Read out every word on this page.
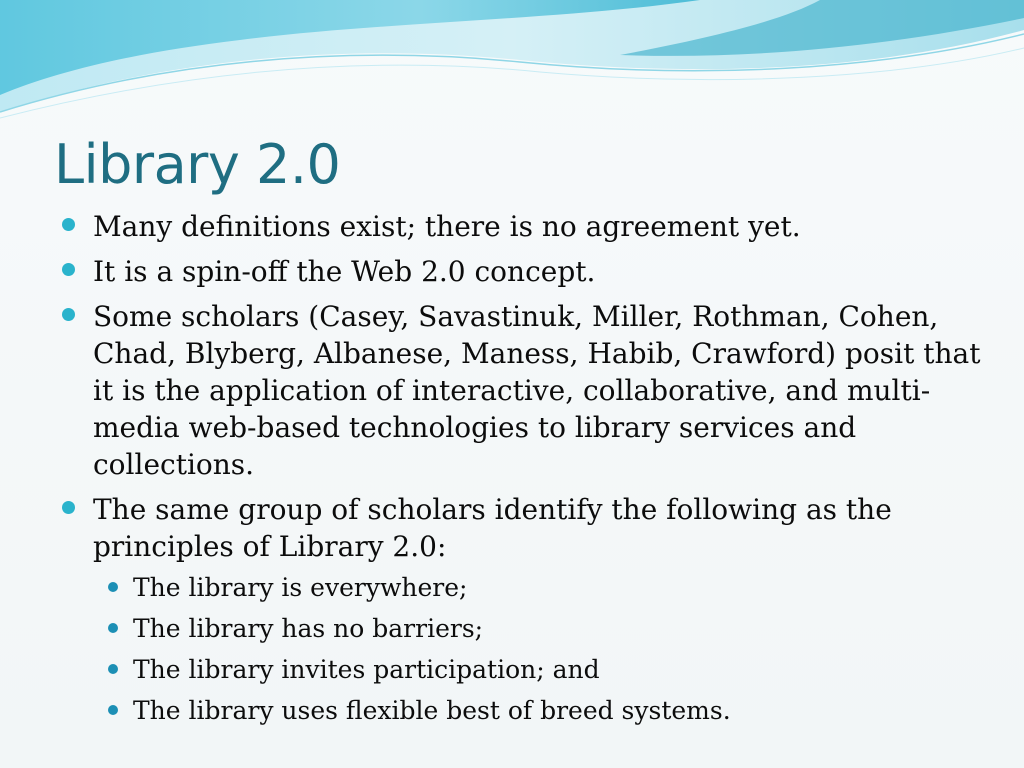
Library 2.0
Many definitions exist; there is no agreement yet.
It is a spin-off the Web 2.0 concept.
Some scholars (Casey, Savastinuk, Miller, Rothman, Cohen, Chad, Blyberg, Albanese, Maness, Habib, Crawford) posit that it is the application of interactive, collaborative, and multi-media web-based technologies to library services and collections.
The same group of scholars identify the following as the principles of Library 2.0:
The library is everywhere;
The library has no barriers;
The library invites participation; and
The library uses flexible best of breed systems.
